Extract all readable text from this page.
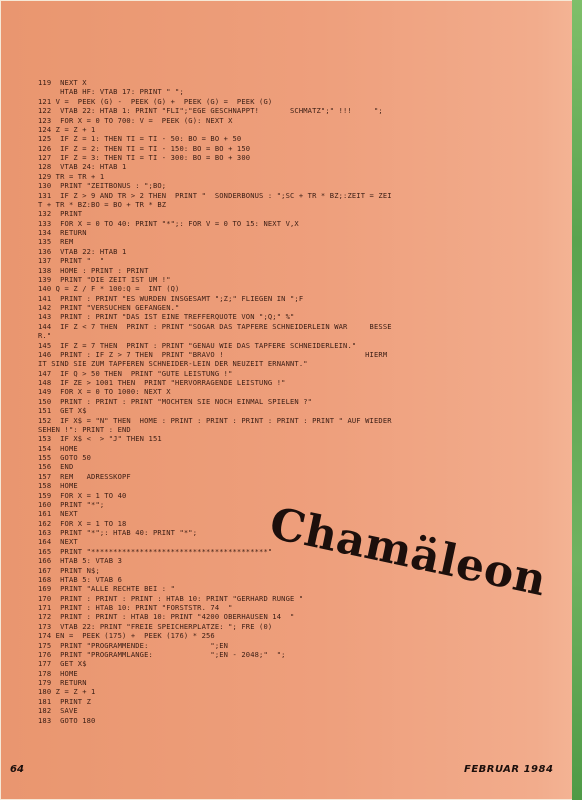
119  NEXT X
HTAB HF: VTAB 17: PRINT " ";
121 V =  PEEK (G) -  PEEK (G) +  PEEK (G) =  PEEK (G)
122  VTAB 22: HTAB 1: PRINT "FLI";"EGE GESCHNAPPT!       SCHMATZ";" !!!     ";
123  FOR X = 0 TO 700: V =  PEEK (G): NEXT X
124 Z = Z + 1
125  IF Z = 1: THEN TI = TI - 50: BO = BO + 50
126  IF Z = 2: THEN TI = TI - 150: BO = BO + 150
127  IF Z = 3: THEN TI = TI - 300: BO = BO + 300
128  VTAB 24: HTAB 1
129 TR = TR + 1
130  PRINT "ZEITBONUS : ";BO;
131  IF Z > 9 AND TR > 2 THEN  PRINT "  SONDERBONUS : ";SC + TR * BZ;:ZEIT = ZEI
T + TR * BZ:BO = BO + TR * BZ
132  PRINT
133  FOR X = 0 TO 40: PRINT "*";: FOR V = 0 TO 15: NEXT V,X
134  RETURN
135  REM
136  VTAB 22: HTAB 1
137  PRINT "  "
138  HOME : PRINT : PRINT
139  PRINT "DIE ZEIT IST UM !"
140 Q = Z / F * 100:Q =  INT (Q)
141  PRINT : PRINT "ES WURDEN INSGESAMT ";Z;" FLIEGEN IN ";F
142  PRINT "VERSUCHEN GEFANGEN."
143  PRINT : PRINT "DAS IST EINE TREFFERQUOTE VON ";Q;" %"
144  IF Z < 7 THEN  PRINT : PRINT "SOGAR DAS TAPFERE SCHNEIDERLEIN WAR     BESSE
R."
145  IF Z = 7 THEN  PRINT : PRINT "GENAU WIE DAS TAPFERE SCHNEIDERLEIN."
146  PRINT : IF Z > 7 THEN  PRINT "BRAVO !                                HIERM
IT SIND SIE ZUM TAPFEREN SCHNEIDER-LEIN DER NEUZEIT ERNANNT."
147  IF Q > 50 THEN  PRINT "GUTE LEISTUNG !"
148  IF ZE > 1001 THEN  PRINT "HERVORRAGENDE LEISTUNG !"
149  FOR X = 0 TO 1000: NEXT X
150  PRINT : PRINT : PRINT "MOCHTEN SIE NOCH EINMAL SPIELEN ?"
151  GET X$
152  IF X$ = "N" THEN  HOME : PRINT : PRINT : PRINT : PRINT : PRINT " AUF WIEDER
SEHEN !": PRINT : END
153  IF X$ <  > "J" THEN 151
154  HOME
155  GOTO 50
156  END
157  REM   ADRESSKOPF
158  HOME
159  FOR X = 1 TO 40
160  PRINT "*";
161  NEXT
162  FOR X = 1 TO 18
163  PRINT "*";: HTAB 40: PRINT "*";
164  NEXT
165  PRINT "****************************************"
166  HTAB 5: VTAB 3
167  PRINT N$;
168  HTAB 5: VTAB 6
169  PRINT "ALLE RECHTE BEI : "
170  PRINT : PRINT : PRINT : HTAB 10: PRINT "GERHARD RUNGE "
171  PRINT : HTAB 10: PRINT "FORSTSTR. 74  "
172  PRINT : PRINT : HTAB 10: PRINT "4200 OBERHAUSEN 14  "
173  VTAB 22: PRINT "FREIE SPEICHERPLATZE: "; FRE (0)
174 EN =  PEEK (175) +  PEEK (176) * 256
175  PRINT "PROGRAMMENDE:              ";EN
176  PRINT "PROGRAMMLANGE:             ";EN - 2048;"  ";
177  GET X$
178  HOME
179  RETURN
180 Z = Z + 1
181  PRINT Z
182  SAVE
183  GOTO 180
Chamäleon
64	FEBRUAR 1984
